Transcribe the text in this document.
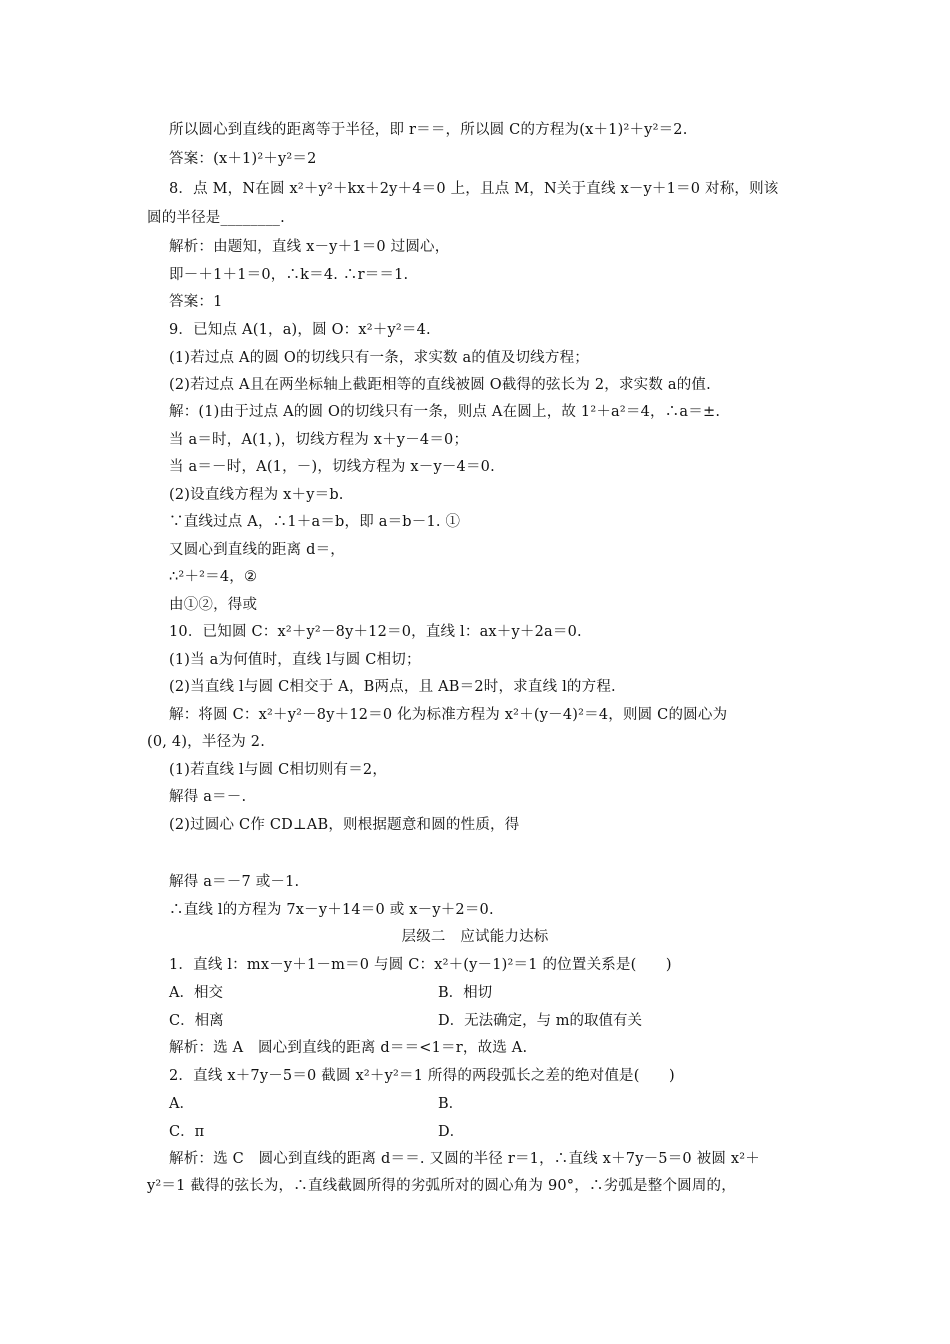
所以圆心到直线的距离等于半径，即 r＝＝，所以圆 C的方程为(x＋1)²＋y²＝2.
答案：(x＋1)²＋y²＝2
8．点 M，N在圆 x²＋y²＋kx＋2y＋4＝0 上，且点 M，N关于直线 x－y＋1＝0 对称，则该
圆的半径是________.
解析：由题知，直线 x－y＋1＝0 过圆心，
即－＋1＋1＝0，∴k＝4. ∴r＝＝1.
答案：1
9．已知点 A(1，a)，圆 O：x²＋y²＝4.
(1)若过点 A的圆 O的切线只有一条，求实数 a的值及切线方程；
(2)若过点 A且在两坐标轴上截距相等的直线被圆 O截得的弦长为 2，求实数 a的值.
解：(1)由于过点 A的圆 O的切线只有一条，则点 A在圆上，故 1²＋a²＝4，∴a＝±.
当 a＝时，A(1，)，切线方程为 x＋y－4＝0；
当 a＝－时，A(1，－)，切线方程为 x－y－4＝0.
(2)设直线方程为 x＋y＝b.
∵直线过点 A，∴1＋a＝b，即 a＝b－1. ①
又圆心到直线的距离 d＝，
∴²＋²＝4，②
由①②，得或
10．已知圆 C：x²＋y²－8y＋12＝0，直线 l：ax＋y＋2a＝0.
(1)当 a为何值时，直线 l与圆 C相切；
(2)当直线 l与圆 C相交于 A，B两点，且 AB＝2时，求直线 l的方程.
解：将圆 C：x²＋y²－8y＋12＝0 化为标准方程为 x²＋(y－4)²＝4，则圆 C的圆心为
(0, 4)，半径为 2.
(1)若直线 l与圆 C相切则有＝2，
解得 a＝－.
(2)过圆心 C作 CD⊥AB，则根据题意和圆的性质，得
解得 a＝－7 或－1.
∴直线 l的方程为 7x－y＋14＝0 或 x－y＋2＝0.
1．直线 l：mx－y＋1－m＝0 与圆 C：x²＋(y－1)²＝1 的位置关系是(　　)
解析：选 A　圆心到直线的距离 d＝＝<1＝r，故选 A.
2．直线 x＋7y－5＝0 截圆 x²＋y²＝1 所得的两段弧长之差的绝对值是(　　)
解析：选 C　圆心到直线的距离 d＝＝. 又圆的半径 r＝1，∴直线 x＋7y－5＝0 被圆 x²＋
y²＝1 截得的弦长为，∴直线截圆所得的劣弧所对的圆心角为 90°，∴劣弧是整个圆周的，
层级二　应试能力达标
A．相交	B．相切
C．相离	D．无法确定，与 m的取值有关
A．	B．
C．π	D．
